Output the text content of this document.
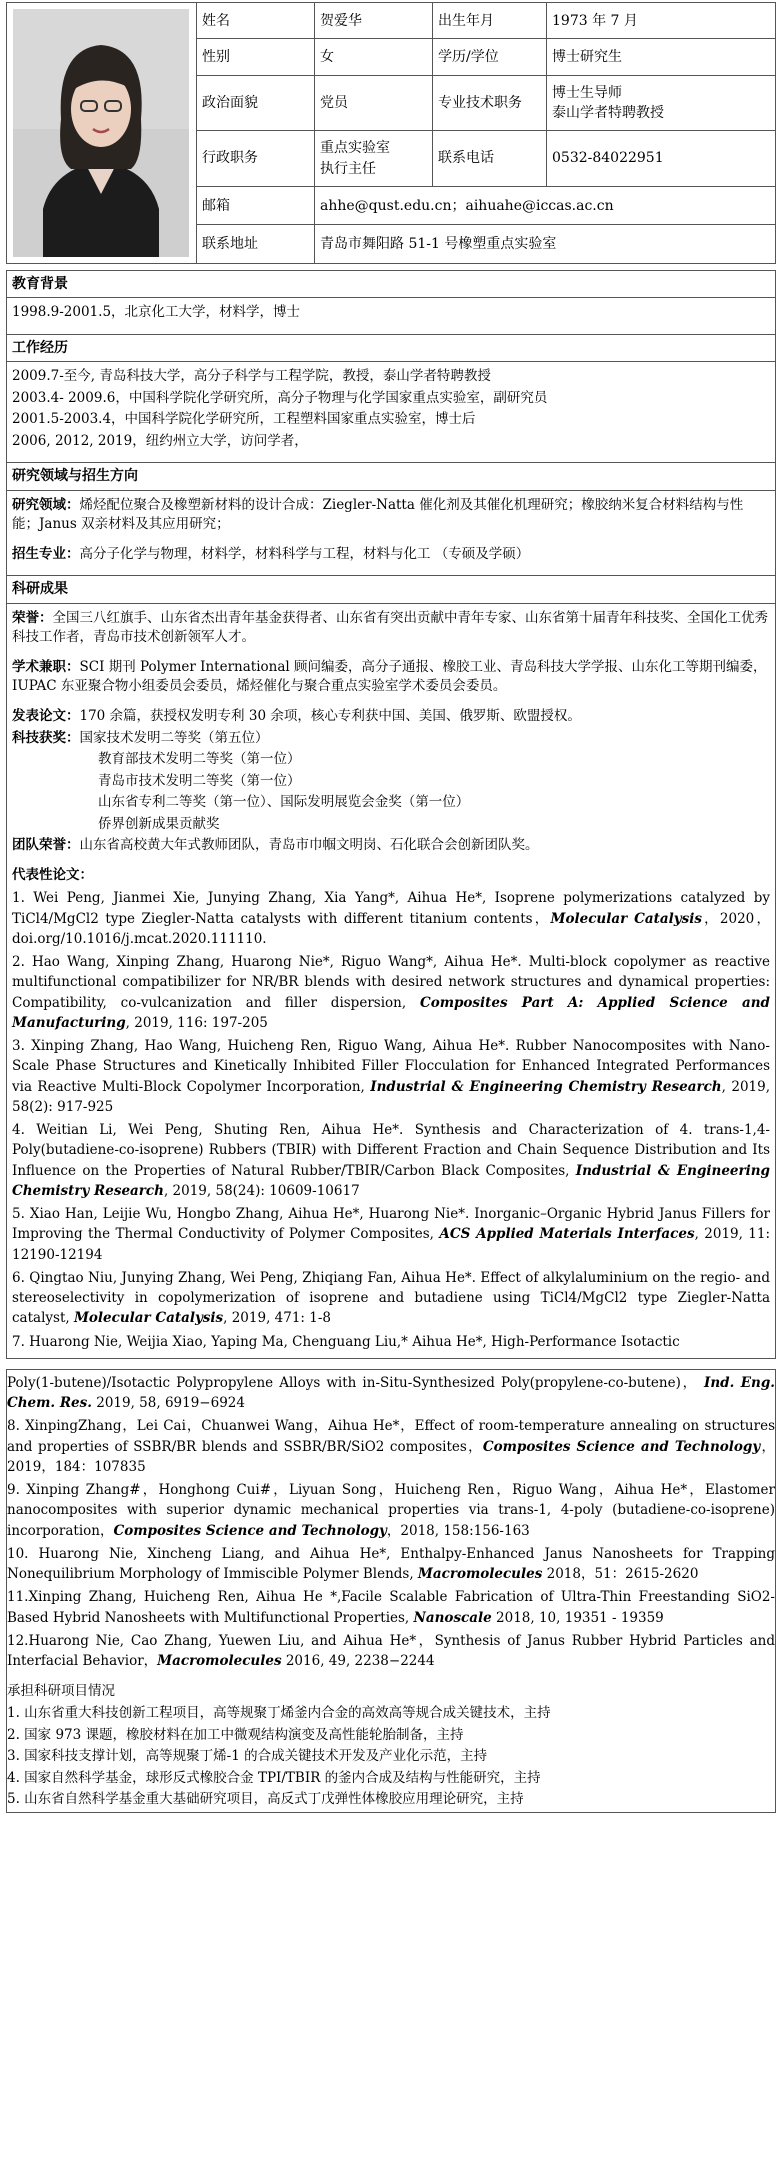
	姓名	贺爱华	出生年月	1973 年 7 月
	性别	女	学历/学位	博士研究生
	政治面貌	党员	专业技术职务	博士生导师
泰山学者特聘教授

	行政职务	重点实验室
执行主任	联系电话	0532-84022951
	邮箱	ahhe@qust.edu.cn；aihuahe@iccas.ac.cn		
	联系地址	青岛市舞阳路 51-1 号橡塑重点实验室		
教育背景
1998.9-2001.5，北京化工大学，材料学，博士
工作经历
2009.7-至今, 青岛科技大学，高分子科学与工程学院，教授，泰山学者特聘教授
2003.4- 2009.6，中国科学院化学研究所，高分子物理与化学国家重点实验室，副研究员
2001.5-2003.4，中国科学院化学研究所，工程塑料国家重点实验室，博士后
2006, 2012, 2019，纽约州立大学，访问学者，
研究领域与招生方向
研究领域：烯烃配位聚合及橡塑新材料的设计合成：Ziegler-Natta 催化剂及其催化机理研究；橡胶纳米复合材料结构与性能；Janus 双亲材料及其应用研究；
招生专业：高分子化学与物理，材料学，材料科学与工程，材料与化工 （专硕及学硕）
科研成果
荣誉：全国三八红旗手、山东省杰出青年基金获得者、山东省有突出贡献中青年专家、山东省第十届青年科技奖、全国化工优秀科技工作者，青岛市技术创新领军人才。
学术兼职：SCI 期刊 Polymer International 顾问编委，高分子通报、橡胶工业、青岛科技大学学报、山东化工等期刊编委，IUPAC 东亚聚合物小组委员会委员，烯烃催化与聚合重点实验室学术委员会委员。
发表论文：170 余篇，获授权发明专利 30 余项，核心专利获中国、美国、俄罗斯、欧盟授权。
科技获奖：国家技术发明二等奖（第五位）
教育部技术发明二等奖（第一位）
青岛市技术发明二等奖（第一位）
山东省专利二等奖（第一位）、国际发明展览会金奖（第一位）
侨界创新成果贡献奖
团队荣誉：山东省高校黄大年式教师团队，青岛市巾帼文明岗、石化联合会创新团队奖。
代表性论文：
1. Wei Peng, Jianmei Xie, Junying Zhang, Xia Yang*, Aihua He*, Isoprene polymerizations catalyzed by TiCl4/MgCl2 type Ziegler-Natta catalysts with different titanium contents，Molecular Catalysis，2020， doi.org/10.1016/j.mcat.2020.111110.
2. Hao Wang, Xinping Zhang, Huarong Nie*, Riguo Wang*, Aihua He*. Multi-block copolymer as reactive multifunctional compatibilizer for NR/BR blends with desired network structures and dynamical properties: Compatibility, co-vulcanization and filler dispersion, Composites Part A: Applied Science and Manufacturing, 2019, 116: 197-205
3. Xinping Zhang, Hao Wang, Huicheng Ren, Riguo Wang, Aihua He*. Rubber Nanocomposites with Nano-Scale Phase Structures and Kinetically Inhibited Filler Flocculation for Enhanced Integrated Performances via Reactive Multi-Block Copolymer Incorporation, Industrial & Engineering Chemistry Research, 2019, 58(2): 917-925
4. Weitian Li, Wei Peng, Shuting Ren, Aihua He*. Synthesis and Characterization of 4. trans-1,4-Poly(butadiene-co-isoprene) Rubbers (TBIR) with Different Fraction and Chain Sequence Distribution and Its Influence on the Properties of Natural Rubber/TBIR/Carbon Black Composites, Industrial & Engineering Chemistry Research, 2019, 58(24): 10609-10617
5. Xiao Han, Leijie Wu, Hongbo Zhang, Aihua He*, Huarong Nie*. Inorganic–Organic Hybrid Janus Fillers for Improving the Thermal Conductivity of Polymer Composites, ACS Applied Materials Interfaces, 2019, 11: 12190-12194
6. Qingtao Niu, Junying Zhang, Wei Peng, Zhiqiang Fan, Aihua He*. Effect of alkylaluminium on the regio- and stereoselectivity in copolymerization of isoprene and butadiene using TiCl4/MgCl2 type Ziegler-Natta catalyst, Molecular Catalysis, 2019, 471: 1-8
7. Huarong Nie, Weijia Xiao, Yaping Ma, Chenguang Liu,* Aihua He*, High-Performance Isotactic
Poly(1-butene)/Isotactic Polypropylene Alloys with in-Situ-Synthesized Poly(propylene-co-butene)， Ind. Eng. Chem. Res. 2019, 58, 6919−6924
8. XinpingZhang，Lei Cai，Chuanwei Wang，Aihua He*，Effect of room-temperature annealing on structures and properties of SSBR/BR blends and SSBR/BR/SiO2 composites，Composites Science and Technology，2019，184：107835
9. Xinping Zhang#，Honghong Cui#，Liyuan Song，Huicheng Ren，Riguo Wang，Aihua He*，Elastomer nanocomposites with superior dynamic mechanical properties via trans-1, 4-poly (butadiene-co-isoprene) incorporation，Composites Science and Technology，2018, 158:156-163
10. Huarong Nie, Xincheng Liang, and Aihua He*, Enthalpy-Enhanced Janus Nanosheets for Trapping Nonequilibrium Morphology of Immiscible Polymer Blends, Macromolecules 2018，51：2615-2620
11.Xinping Zhang, Huicheng Ren, Aihua He *,Facile Scalable Fabrication of Ultra-Thin Freestanding SiO2-Based Hybrid Nanosheets with Multifunctional Properties, Nanoscale 2018, 10, 19351 - 19359
12.Huarong Nie, Cao Zhang, Yuewen Liu, and Aihua He*，Synthesis of Janus Rubber Hybrid Particles and Interfacial Behavior，Macromolecules 2016, 49, 2238−2244
承担科研项目情况
1. 山东省重大科技创新工程项目，高等规聚丁烯釜内合金的高效高等规合成关键技术，主持
2. 国家 973 课题，橡胶材料在加工中微观结构演变及高性能轮胎制备，主持
3. 国家科技支撑计划，高等规聚丁烯-1 的合成关键技术开发及产业化示范，主持
4. 国家自然科学基金，球形反式橡胶合金 TPI/TBIR 的釜内合成及结构与性能研究，主持
5. 山东省自然科学基金重大基础研究项目，高反式丁戊弹性体橡胶应用理论研究，主持
